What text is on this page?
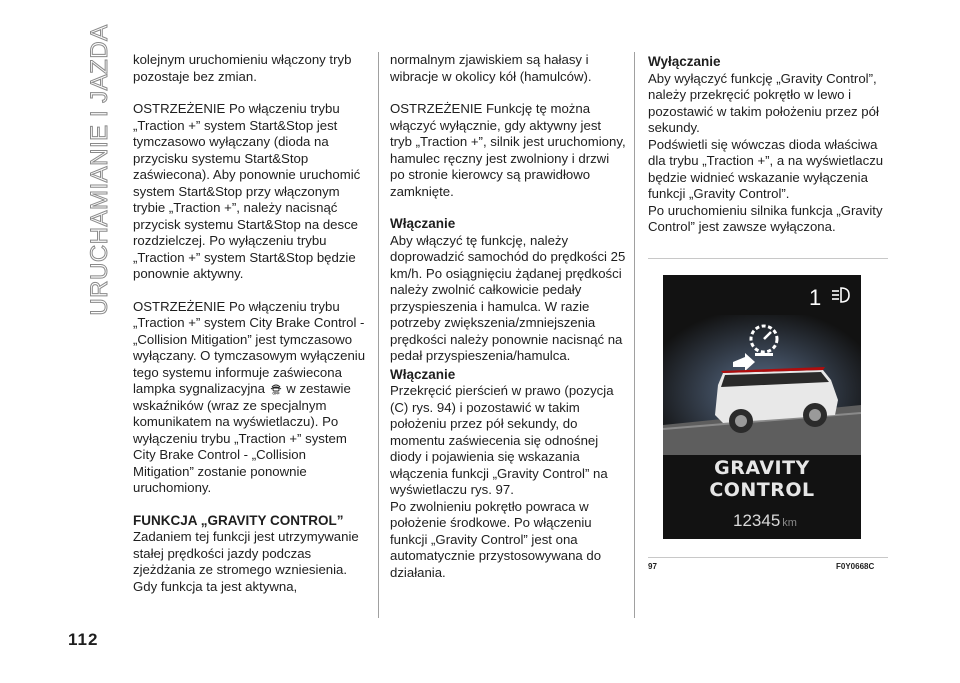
URUCHAMIANIE I JAZDA
112

kolejnym uruchomieniu włączony tryb pozostaje bez zmian.

OSTRZEŻENIE Po włączeniu trybu „Traction +” system Start&Stop jest tymczasowo wyłączany (dioda na przycisku systemu Start&Stop zaświecona). Aby ponownie uruchomić system Start&Stop przy włączonym trybie „Traction +”, należy nacisnąć przycisk systemu Start&Stop na desce rozdzielczej. Po wyłączeniu trybu „Traction +” system Start&Stop będzie ponownie aktywny.

OSTRZEŻENIE Po włączeniu trybu „Traction +” system City Brake Control - „Collision Mitigation” jest tymczasowo wyłączany. O tymczasowym wyłączeniu tego systemu informuje zaświecona lampka sygnalizacyjna OFF w zestawie wskaźników (wraz ze specjalnym komunikatem na wyświetlaczu). Po wyłączeniu trybu „Traction +” system City Brake Control - „Collision Mitigation” zostanie ponownie uruchomiony.

FUNKCJA „GRAVITY CONTROL”

Zadaniem tej funkcji jest utrzymywanie stałej prędkości jazdy podczas zjeżdżania ze stromego wzniesienia. Gdy funkcja ta jest aktywna,

normalnym zjawiskiem są hałasy i wibracje w okolicy kół (hamulców).

OSTRZEŻENIE Funkcję tę można włączyć wyłącznie, gdy aktywny jest tryb „Traction +”, silnik jest uruchomiony, hamulec ręczny jest zwolniony i drzwi po stronie kierowcy są prawidłowo zamknięte.

Włączanie

Aby włączyć tę funkcję, należy doprowadzić samochód do prędkości 25 km/h. Po osiągnięciu żądanej prędkości należy zwolnić całkowicie pedały przyspieszenia i hamulca. W razie potrzeby zwiększenia/zmniejszenia prędkości należy ponownie nacisnąć na pedał przyspieszenia/hamulca.

Włączanie

Przekręcić pierścień w prawo (pozycja (C) rys. 94) i pozostawić w takim położeniu przez pół sekundy, do momentu zaświecenia się odnośnej diody i pojawienia się wskazania włączenia funkcji „Gravity Control” na wyświetlaczu rys. 97.

Po zwolnieniu pokrętło powraca w położenie środkowe. Po włączeniu funkcji „Gravity Control” jest ona automatycznie przystosowywana do działania.

Wyłączanie

Aby wyłączyć funkcję „Gravity Control”, należy przekręcić pokrętło w lewo i pozostawić w takim położeniu przez pół sekundy.

Podświetli się wówczas dioda właściwa dla trybu „Traction +”, a na wyświetlaczu będzie widnieć wskazanie wyłączenia funkcji „Gravity Control”.

Po uruchomieniu silnika funkcja „Gravity Control” jest zawsze wyłączona.

1
GRAVITY CONTROL
12345 km
97	F0Y0668C
